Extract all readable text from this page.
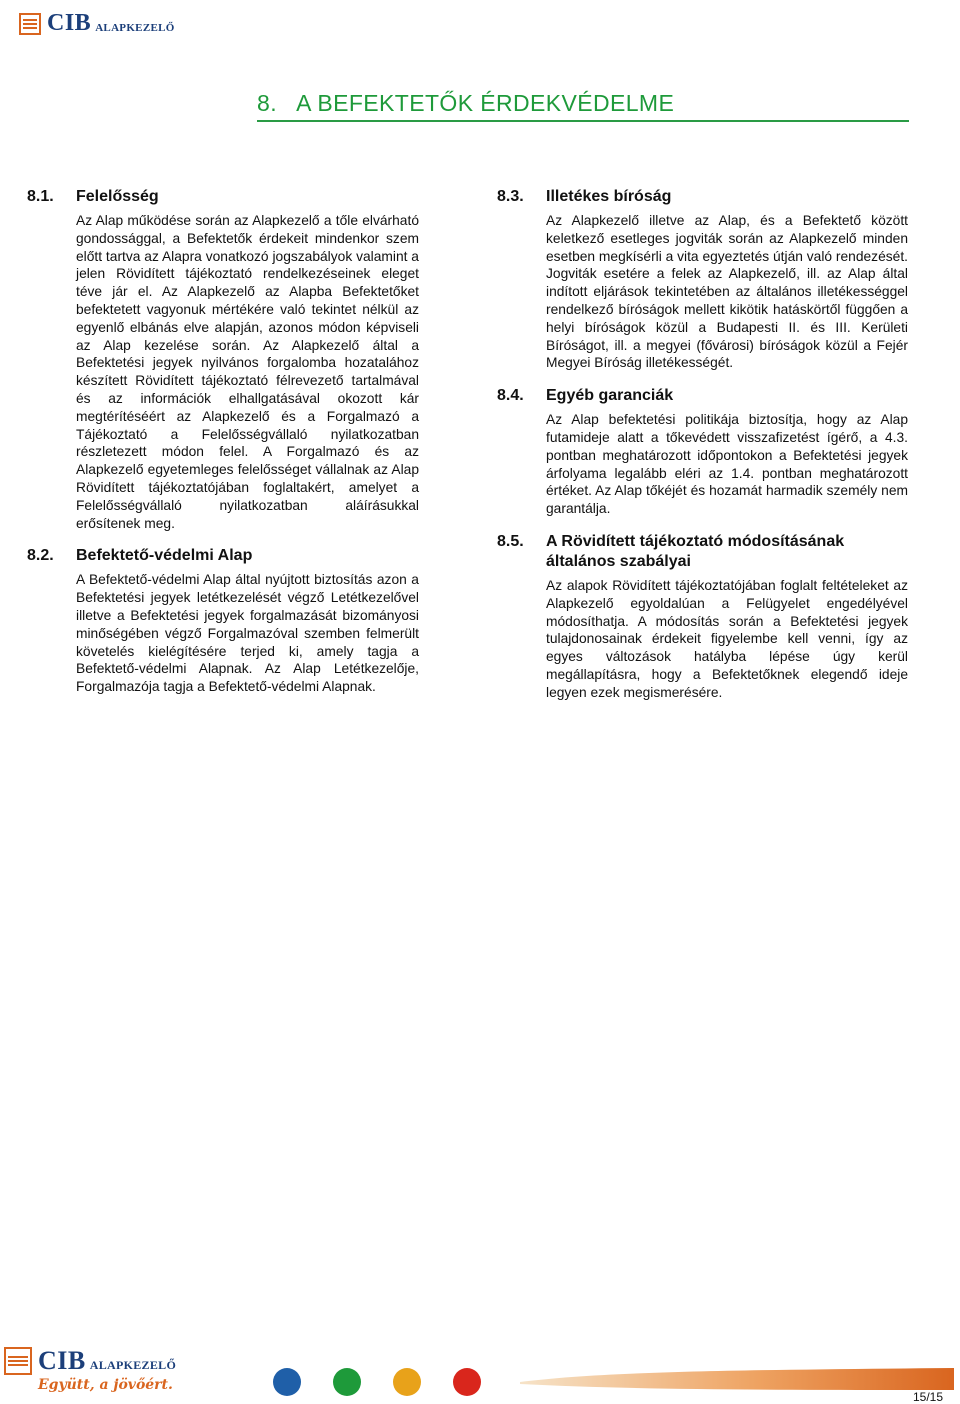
CIB ALAPKEZELŐ
8. A BEFEKTETŐK ÉRDEKVÉDELME
8.1.	Felelősség
Az Alap működése során az Alapkezelő a tőle elvárható gondossággal, a Befektetők érdekeit mindenkor szem előtt tartva az Alapra vonatkozó jogszabályok valamint a jelen Rövidített tájékoztató rendelkezéseinek eleget téve jár el. Az Alapkezelő az Alapba Befektetőket befektetett vagyonuk mértékére való tekintet nélkül az egyenlő elbánás elve alapján, azonos módon képviseli az Alap kezelése során. Az Alapkezelő által a Befektetési jegyek nyilvános forgalomba hozatalához készített Rövidített tájékoztató félrevezető tartalmával és az információk elhallgatásával okozott kár megtérítéséért az Alapkezelő és a Forgalmazó a Tájékoztató a Felelősségvállaló nyilatkozatban részletezett módon felel. A Forgalmazó és az Alapkezelő egyetemleges felelősséget vállalnak az Alap Rövidített tájékoztatójában foglaltakért, amelyet a Felelősségvállaló nyilatkozatban aláírásukkal erősítenek meg.
8.2.	Befektető-védelmi Alap
A Befektető-védelmi Alap által nyújtott biztosítás azon a Befektetési jegyek letétkezelését végző Letétkezelővel illetve a Befektetési jegyek forgalmazását bizományosi minőségében végző Forgalmazóval szemben felmerült követelés kielégítésére terjed ki, amely tagja a Befektető-védelmi Alapnak. Az Alap Letétkezelője, Forgalmazója tagja a Befektető-védelmi Alapnak.
8.3.	Illetékes bíróság
Az Alapkezelő illetve az Alap, és a Befektető között keletkező esetleges jogviták során az Alapkezelő minden esetben megkísérli a vita egyeztetés útján való rendezését. Jogviták esetére a felek az Alapkezelő, ill. az Alap által indított eljárások tekintetében az általános illetékességgel rendelkező bíróságok mellett kikötik hatáskörtől függően a helyi bíróságok közül a Budapesti II. és III. Kerületi Bíróságot, ill. a megyei (fővárosi) bíróságok közül a Fejér Megyei Bíróság illetékességét.
8.4.	Egyéb garanciák
Az Alap befektetési politikája biztosítja, hogy az Alap futamideje alatt a tőkevédett visszafizetést ígérő, a 4.3. pontban meghatározott időpontokon a Befektetési jegyek árfolyama legalább eléri az 1.4. pontban meghatározott értéket. Az Alap tőkéjét és hozamát harmadik személy nem garantálja.
8.5.	A Rövidített tájékoztató módosításának általános szabályai
Az alapok Rövidített tájékoztatójában foglalt feltételeket az Alapkezelő egyoldalúan a Felügyelet engedélyével módosíthatja. A módosítás során a Befektetési jegyek tulajdonosainak érdekeit figyelembe kell venni, így az egyes változások hatályba lépése úgy kerül megállapításra, hogy a Befektetőknek elegendő ideje legyen ezek megismerésére.
CIB ALAPKEZELŐ
Együtt, a jövőért.
15/15
